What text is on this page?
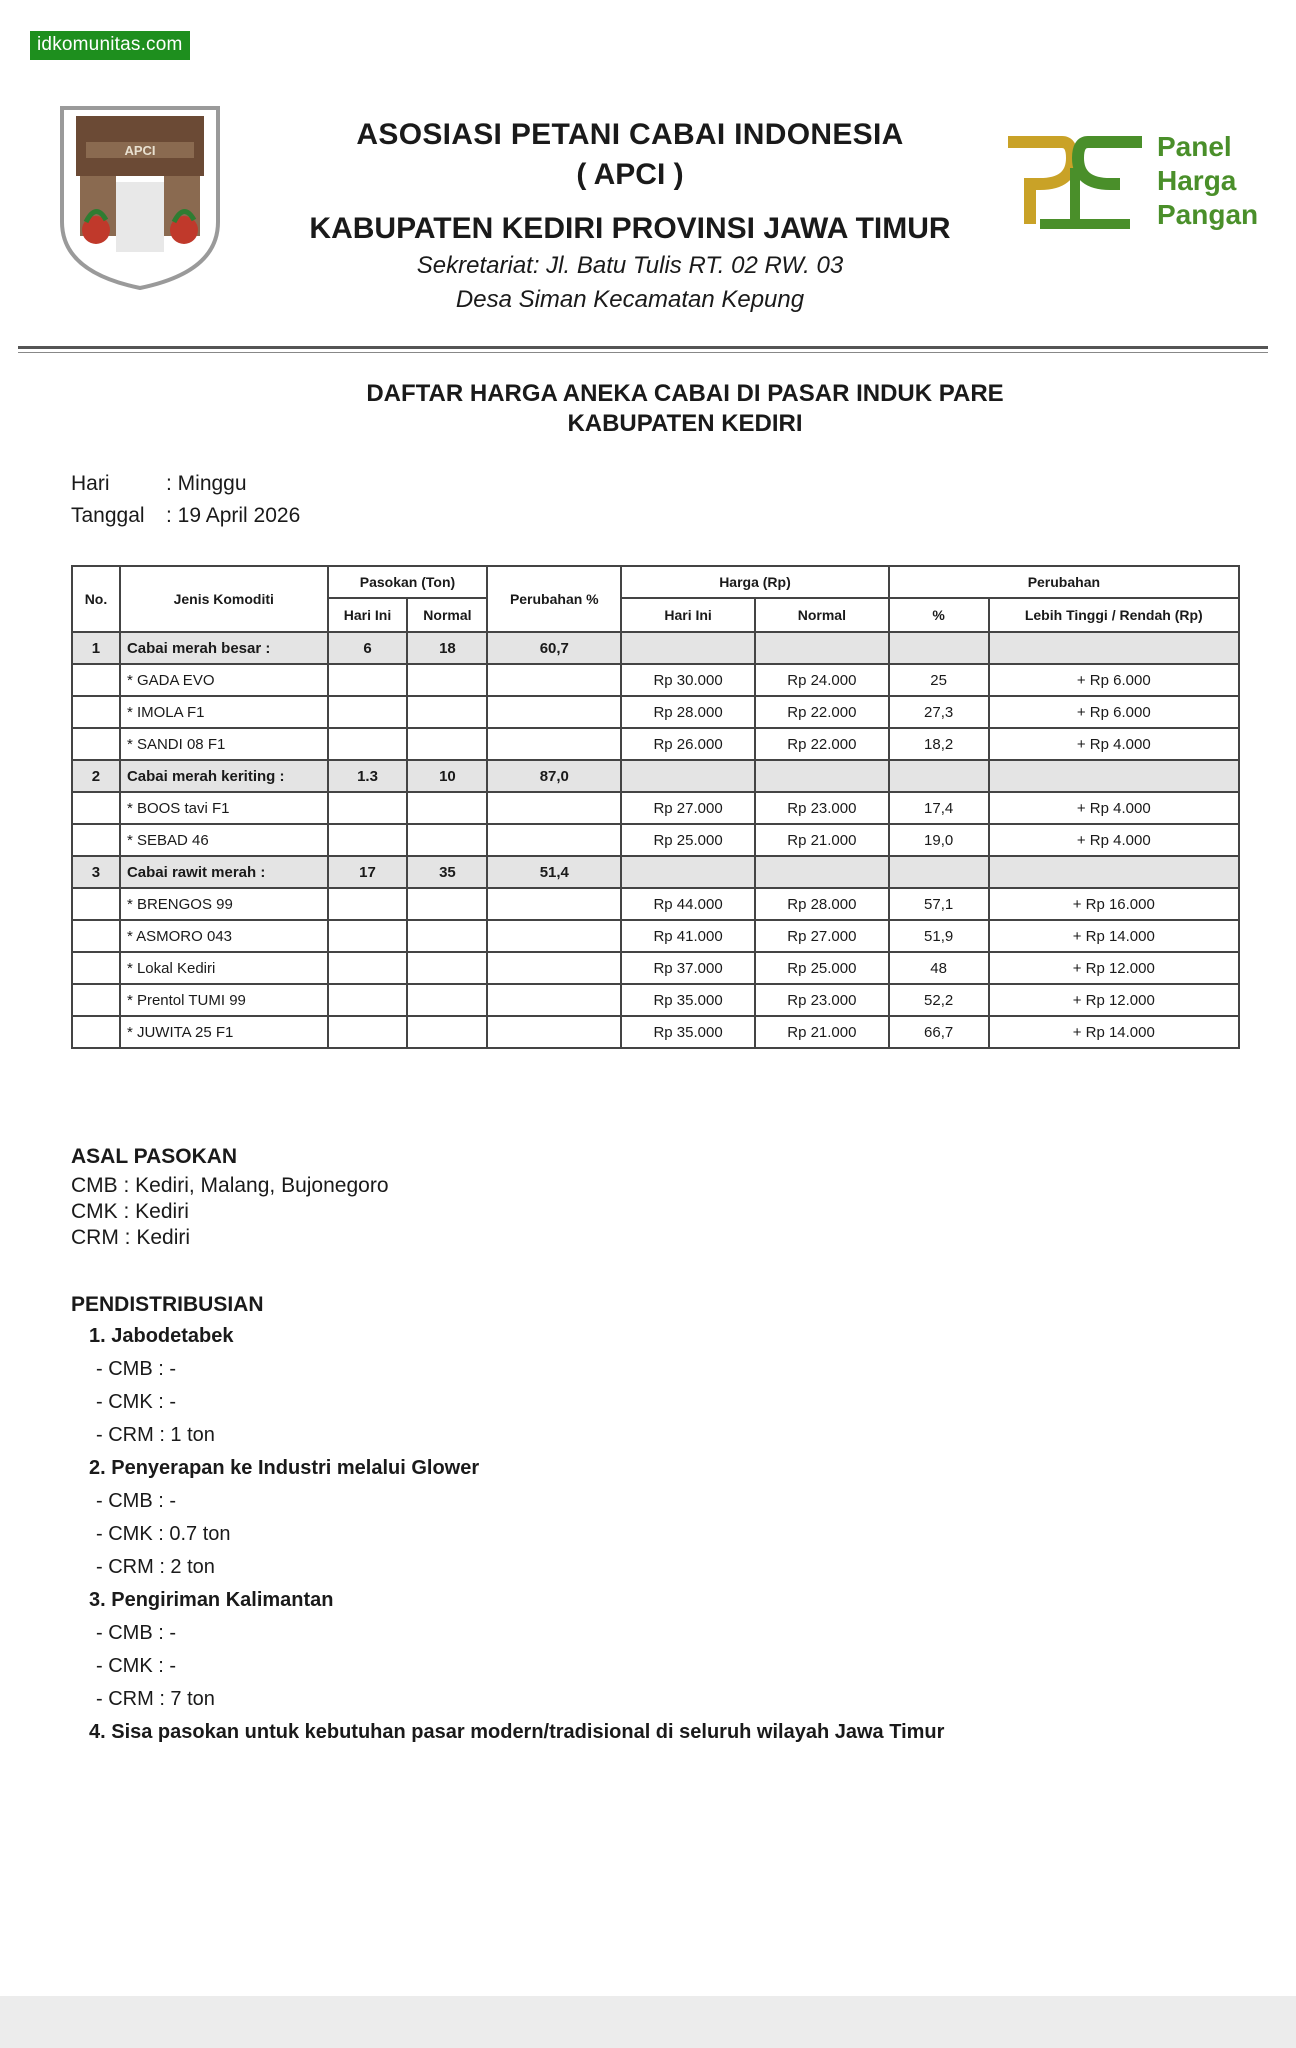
idkomunitas.com
APCI	ASOSIASI PETANI CABAI INDONESIA
( APCI )
KABUPATEN KEDIRI PROVINSI JAWA TIMUR
Sekretariat: Jl. Batu Tulis RT. 02 RW. 03
Desa Siman Kecamatan Kepung
Panel
Harga
Pangan
DAFTAR HARGA ANEKA CABAI DI PASAR INDUK PARE
KABUPATEN KEDIRI
Hari	: Minggu
Tanggal : 19 April 2026
No.	Jenis Komoditi	Pasokan (Ton)		Perubahan %	Harga (Rp)		Perubahan	
		Hari Ini	Normal		Hari Ini	Normal	%	Lebih Tinggi / Rendah (Rp)
1	Cabai merah besar :	6	18	60,7				
	* GADA EVO				Rp 30.000	Rp 24.000	25	+ Rp 6.000
	* IMOLA F1				Rp 28.000	Rp 22.000	27,3	+ Rp 6.000
	* SANDI 08 F1				Rp 26.000	Rp 22.000	18,2	+ Rp 4.000
2	Cabai merah keriting :	1.3	10	87,0				
	* BOOS tavi F1				Rp 27.000	Rp 23.000	17,4	+ Rp 4.000
	* SEBAD 46				Rp 25.000	Rp 21.000	19,0	+ Rp 4.000
3	Cabai rawit merah :	17	35	51,4				
	* BRENGOS 99				Rp 44.000	Rp 28.000	57,1	+ Rp 16.000
	* ASMORO 043				Rp 41.000	Rp 27.000	51,9	+ Rp 14.000
	* Lokal Kediri				Rp 37.000	Rp 25.000	48	+ Rp 12.000
	* Prentol TUMI 99				Rp 35.000	Rp 23.000	52,2	+ Rp 12.000
	* JUWITA 25 F1				Rp 35.000	Rp 21.000	66,7	+ Rp 14.000
ASAL PASOKAN
CMB : Kediri, Malang, Bujonegoro
CMK : Kediri
CRM : Kediri
PENDISTRIBUSIAN
1. Jabodetabek
- CMB : -
- CMK : -
- CRM : 1 ton
2. Penyerapan ke Industri melalui Glower
- CMB : -
- CMK : 0.7 ton
- CRM : 2 ton
3. Pengiriman Kalimantan
- CMB : -
- CMK : -
- CRM : 7 ton
4. Sisa pasokan untuk kebutuhan pasar modern/tradisional di seluruh wilayah Jawa Timur
